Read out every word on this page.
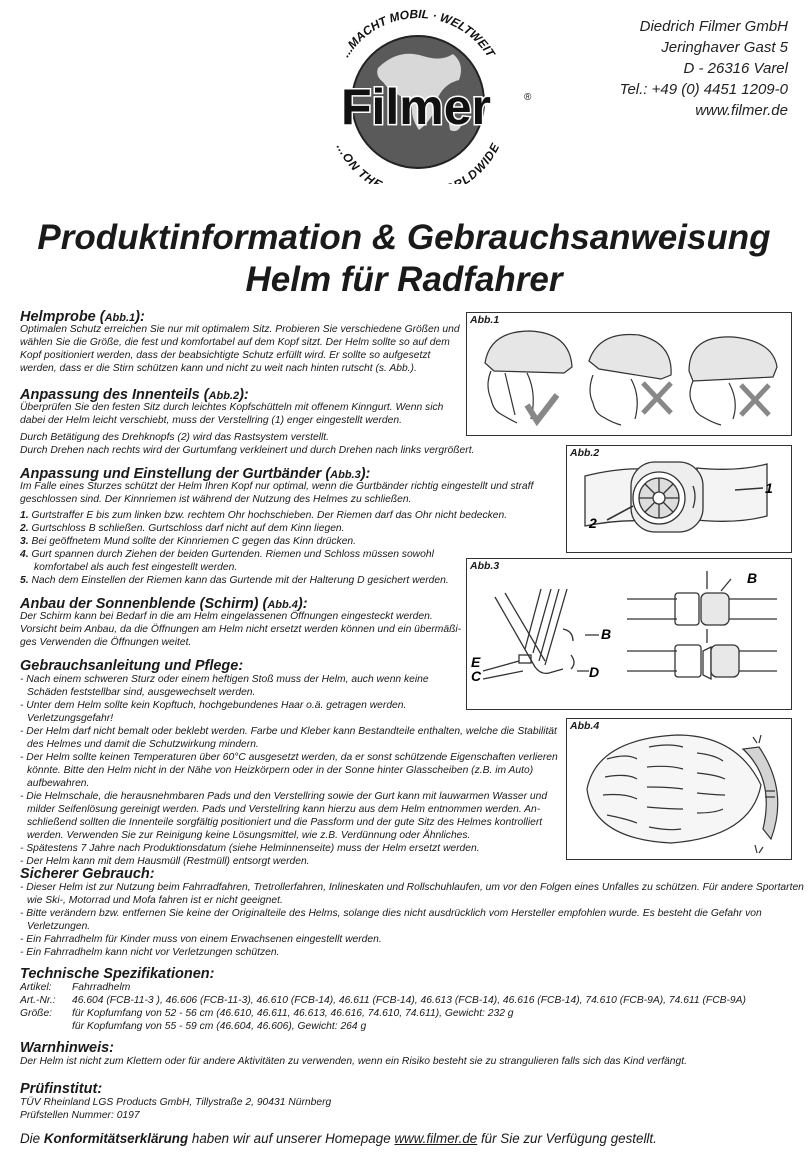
...MACHT MOBIL · WELTWEIT
...ON THE RLDWIDE
Filmer	®
Diedrich Filmer GmbH
Jeringhaver Gast 5
D - 26316 Varel
Tel.: +49 (0) 4451 1209-0
www.filmer.de
Produktinformation & Gebrauchsanweisung
Helm für Radfahrer
Helmprobe (Abb.1):
Optimalen Schutz erreichen Sie nur mit optimalem Sitz. Probieren Sie verschiedene Größen und
wählen Sie die Größe, die fest und komfortabel auf dem Kopf sitzt. Der Helm sollte so auf dem
Kopf positioniert werden, dass der beabsichtigte Schutz erfüllt wird. Er sollte so aufgesetzt
werden, dass er die Stirn schützen kann und nicht zu weit nach hinten rutscht (s. Abb.).
Anpassung des Innenteils (Abb.2):
Überprüfen Sie den festen Sitz durch leichtes Kopfschütteln mit offenem Kinngurt. Wenn sich
dabei der Helm leicht verschiebt, muss der Verstellring (1) enger eingestellt werden.
Durch Betätigung des Drehknopfs (2) wird das Rastsystem verstellt.
Durch Drehen nach rechts wird der Gurtumfang verkleinert und durch Drehen nach links vergrößert.
Anpassung und Einstellung der Gurtbänder (Abb.3):
Im Falle eines Sturzes schützt der Helm Ihren Kopf nur optimal, wenn die Gurtbänder richtig eingestellt und straff
geschlossen sind. Der Kinnriemen ist während der Nutzung des Helmes zu schließen.
1. Gurtstraffer E bis zum linken bzw. rechtem Ohr hochschieben. Der Riemen darf das Ohr nicht bedecken.
2. Gurtschloss B schließen. Gurtschloss darf nicht auf dem Kinn liegen.
3. Bei geöffnetem Mund sollte der Kinnriemen C gegen das Kinn drücken.
4. Gurt spannen durch Ziehen der beiden Gurtenden. Riemen und Schloss müssen sowohl
komfortabel als auch fest eingestellt werden.
5. Nach dem Einstellen der Riemen kann das Gurtende mit der Halterung D gesichert werden.
Anbau der Sonnenblende (Schirm) (Abb.4):
Der Schirm kann bei Bedarf in die am Helm eingelassenen Öffnungen eingesteckt werden.
Vorsicht beim Anbau, da die Öffnungen am Helm nicht ersetzt werden können und ein übermäßi-
ges Verwenden die Öffnungen weitet.
Gebrauchsanleitung und Pflege:
- Nach einem schweren Sturz oder einem heftigen Stoß muss der Helm, auch wenn keine
Schäden feststellbar sind, ausgewechselt werden.
- Unter dem Helm sollte kein Kopftuch, hochgebundenes Haar o.ä. getragen werden.
Verletzungsgefahr!
- Der Helm darf nicht bemalt oder beklebt werden. Farbe und Kleber kann Bestandteile enthalten, welche die Stabilität
des Helmes und damit die Schutzwirkung mindern.
- Der Helm sollte keinen Temperaturen über 60°C ausgesetzt werden, da er sonst schützende Eigenschaften verlieren
könnte. Bitte den Helm nicht in der Nähe von Heizkörpern oder in der Sonne hinter Glasscheiben (z.B. im Auto)
aufbewahren.
- Die Helmschale, die herausnehmbaren Pads und den Verstellring sowie der Gurt kann mit lauwarmen Wasser und
milder Seifenlösung gereinigt werden. Pads und Verstellring kann hierzu aus dem Helm entnommen werden. An-
schließend sollten die Innenteile sorgfältig positioniert und die Passform und der gute Sitz des Helmes kontrolliert
werden. Verwenden Sie zur Reinigung keine Lösungsmittel, wie z.B. Verdünnung oder Ähnliches.
- Spätestens 7 Jahre nach Produktionsdatum (siehe Helminnenseite) muss der Helm ersetzt werden.
- Der Helm kann mit dem Hausmüll (Restmüll) entsorgt werden.
Sicherer Gebrauch:
- Dieser Helm ist zur Nutzung beim Fahrradfahren, Tretrollerfahren, Inlineskaten und Rollschuhlaufen, um vor den Folgen eines Unfalles zu schützen. Für andere Sportarten
wie Ski-, Motorrad und Mofa fahren ist er nicht geeignet.
- Bitte verändern bzw. entfernen Sie keine der Originalteile des Helms, solange dies nicht ausdrücklich vom Hersteller empfohlen wurde. Es besteht die Gefahr von
Verletzungen.
- Ein Fahrradhelm für Kinder muss von einem Erwachsenen eingestellt werden.
- Ein Fahrradhelm kann nicht vor Verletzungen schützen.
Technische Spezifikationen:
Artikel:	Fahrradhelm
Art.-Nr.:	46.604 (FCB-11-3 ), 46.606 (FCB-11-3), 46.610 (FCB-14), 46.611 (FCB-14), 46.613 (FCB-14), 46.616 (FCB-14), 74.610 (FCB-9A), 74.611 (FCB-9A)
Größe:	für Kopfumfang von 52 - 56 cm (46.610, 46.611, 46.613, 46.616, 74.610, 74.611), Gewicht: 232 g
	für Kopfumfang von 55 - 59 cm (46.604, 46.606), Gewicht: 264 g
Warnhinweis:
Der Helm ist nicht zum Klettern oder für andere Aktivitäten zu verwenden, wenn ein Risiko besteht sie zu strangulieren falls sich das Kind verfängt.
Prüfinstitut:
TÜV Rheinland LGS Products GmbH, Tillystraße 2, 90431 Nürnberg
Prüfstellen Nummer: 0197
Die Konformitätserklärung haben wir auf unserer Homepage www.filmer.de für Sie zur Verfügung gestellt.
Abb.1
Abb.2
1
2
Abb.3
B
B
E
C	D
Abb.4
